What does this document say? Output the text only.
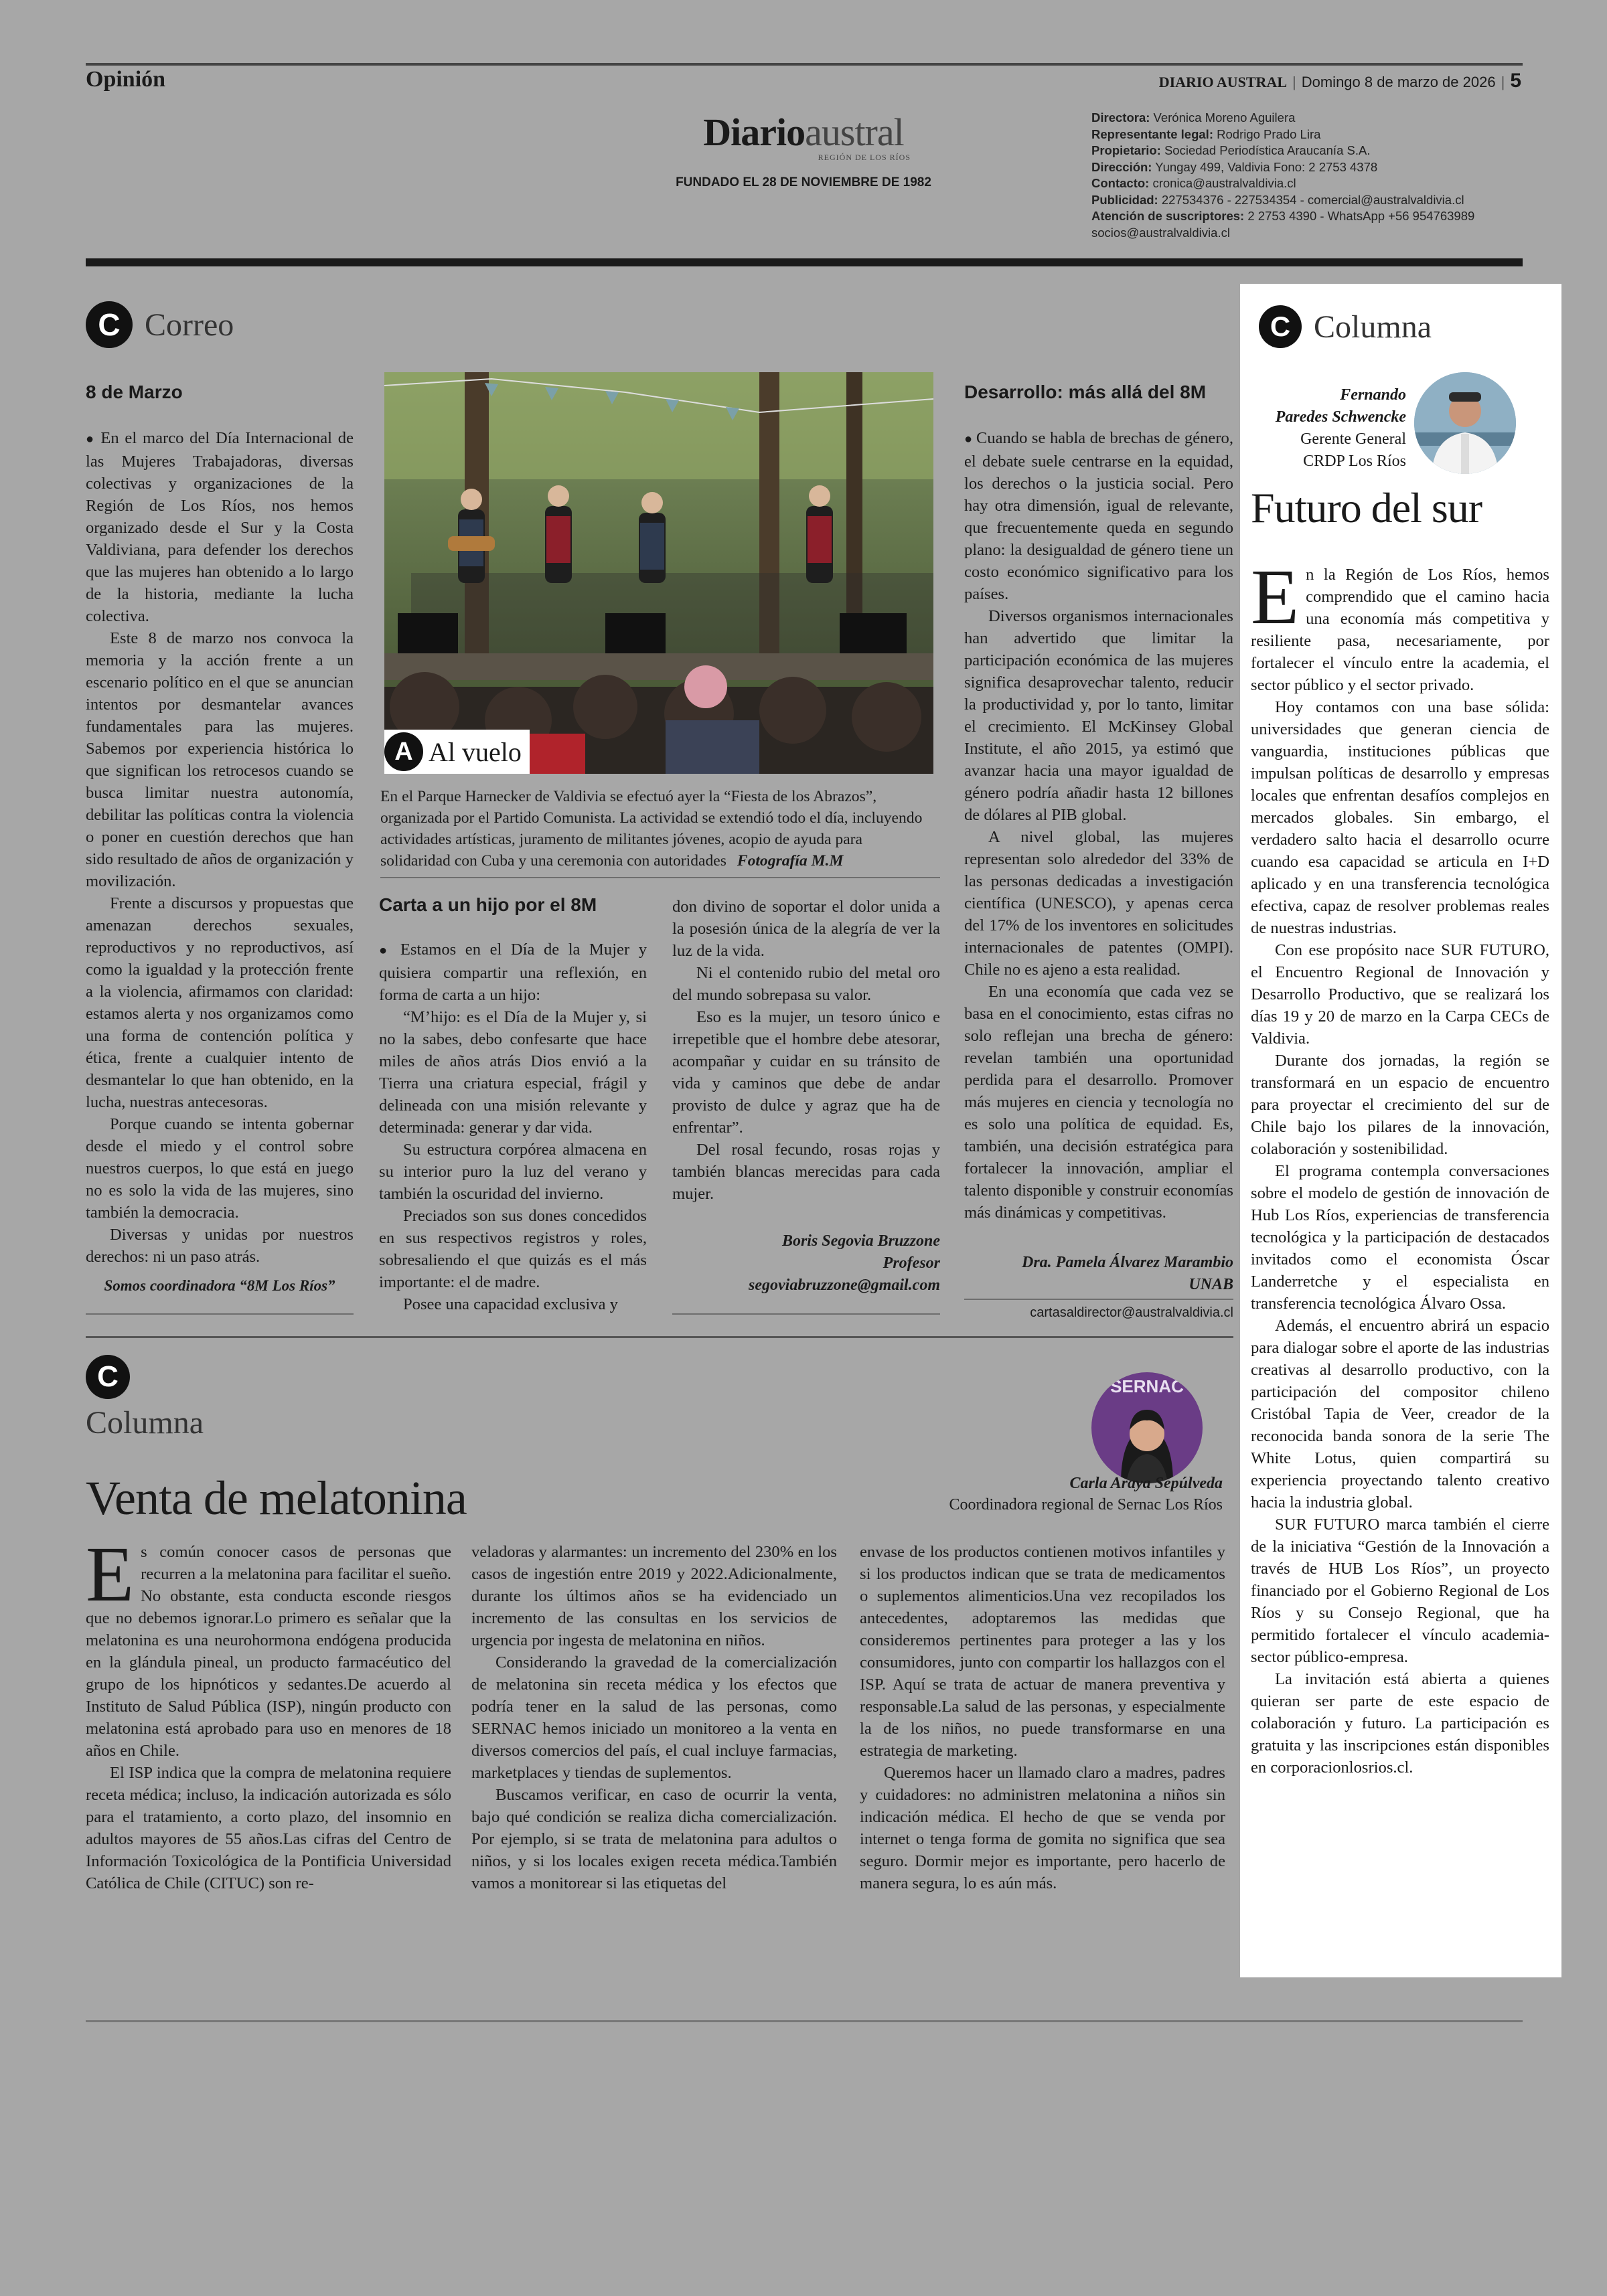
Opinión	DIARIO AUSTRAL | Domingo 8 de marzo de 2026 | 5
Diarioaustral
REGIÓN DE LOS RÍOS
FUNDADO EL 28 DE NOVIEMBRE DE 1982
Directora: Verónica Moreno Aguilera
Representante legal: Rodrigo Prado Lira
Propietario: Sociedad Periodística Araucanía S.A.
Dirección: Yungay 499, Valdivia Fono: 2 2753 4378
Contacto: cronica@australvaldivia.cl
Publicidad: 227534376 - 227534354 - comercial@australvaldivia.cl
Atención de suscriptores: 2 2753 4390 - WhatsApp +56 954763989
socios@australvaldivia.cl
C Correo
8 de Marzo

● En el marco del Día Internacional de las Mujeres Trabajadoras, diversas colectivas y organizaciones de la Región de Los Ríos, nos hemos organizado desde el Sur y la Costa Valdiviana, para defender los derechos que las mujeres han obtenido a lo largo de la historia, mediante la lucha colectiva.

Este 8 de marzo nos convoca la memoria y la acción frente a un escenario político en el que se anuncian intentos por desmantelar avances fundamentales para las mujeres. Sabemos por experiencia histórica lo que significan los retrocesos cuando se busca limitar nuestra autonomía, debilitar las políticas contra la violencia o poner en cuestión derechos que han sido resultado de años de organización y movilización.

Frente a discursos y propuestas que amenazan derechos sexuales, reproductivos y no reproductivos, así como la igualdad y la protección frente a la violencia, afirmamos con claridad: estamos alerta y nos organizamos como una forma de contención política y ética, frente a cualquier intento de desmantelar lo que han obtenido, en la lucha, nuestras antecesoras.

Porque cuando se intenta gobernar desde el miedo y el control sobre nuestros cuerpos, lo que está en juego no es solo la vida de las mujeres, sino también la democracia.

Diversas y unidas por nuestros derechos: ni un paso atrás.

Somos coordinadora “8M Los Ríos”
A Al vuelo
En el Parque Harnecker de Valdivia se efectuó ayer la “Fiesta de los Abrazos”, organizada por el Partido Comunista. La actividad se extendió todo el día, incluyendo actividades artísticas, juramento de militantes jóvenes, acopio de ayuda para solidaridad con Cuba y una ceremonia con autoridades Fotografía M.M
Carta a un hijo por el 8M

● Estamos en el Día de la Mujer y quisiera compartir una reflexión, en forma de carta a un hijo:

“M’hijo: es el Día de la Mujer y, si no la sabes, debo confesarte que hace miles de años atrás Dios envió a la Tierra una criatura especial, frágil y delineada con una misión relevante y determinada: generar y dar vida.

Su estructura corpórea almacena en su interior puro la luz del verano y también la oscuridad del invierno.

Preciados son sus dones concedidos en sus respectivos registros y roles, sobresaliendo el que quizás es el más importante: el de madre.

Posee una capacidad exclusiva y

don divino de soportar el dolor unida a la posesión única de la alegría de ver la luz de la vida.

Ni el contenido rubio del metal oro del mundo sobrepasa su valor.

Eso es la mujer, un tesoro único e irrepetible que el hombre debe atesorar, acompañar y cuidar en su tránsito de vida y caminos que debe de andar provisto de dulce y agraz que ha de enfrentar”.

Del rosal fecundo, rosas rojas y también blancas merecidas para cada mujer.

Boris Segovia Bruzzone
Profesor
segoviabruzzone@gmail.com
Desarrollo: más allá del 8M

● Cuando se habla de brechas de género, el debate suele centrarse en la equidad, los derechos o la justicia social. Pero hay otra dimensión, igual de relevante, que frecuentemente queda en segundo plano: la desigualdad de género tiene un costo económico significativo para los países.

Diversos organismos internacionales han advertido que limitar la participación económica de las mujeres significa desaprovechar talento, reducir la productividad y, por lo tanto, limitar el crecimiento. El McKinsey Global Institute, el año 2015, ya estimó que avanzar hacia una mayor igualdad de género podría añadir hasta 12 billones de dólares al PIB global.

A nivel global, las mujeres representan solo alrededor del 33% de las personas dedicadas a investigación científica (UNESCO), y apenas cerca del 17% de los inventores en solicitudes internacionales de patentes (OMPI). Chile no es ajeno a esta realidad.

En una economía que cada vez se basa en el conocimiento, estas cifras no solo reflejan una brecha de género: revelan también una oportunidad perdida para el desarrollo. Promover más mujeres en ciencia y tecnología no es solo una política de equidad. Es, también, una decisión estratégica para fortalecer la innovación, ampliar el talento disponible y construir economías más dinámicas y competitivas.

Dra. Pamela Álvarez Marambio
UNAB
cartasaldirector@australvaldivia.cl
C Columna
Fernando
Paredes Schwencke
Gerente General
CRDP Los Ríos
Futuro del sur

En la Región de Los Ríos, hemos comprendido que el camino hacia una economía más competitiva y resiliente pasa, necesariamente, por fortalecer el vínculo entre la academia, el sector público y el sector privado.

Hoy contamos con una base sólida: universidades que generan ciencia de vanguardia, instituciones públicas que impulsan políticas de desarrollo y empresas locales que enfrentan desafíos complejos en mercados globales. Sin embargo, el verdadero salto hacia el desarrollo ocurre cuando esa capacidad se articula en I+D aplicado y en una transferencia tecnológica efectiva, capaz de resolver problemas reales de nuestras industrias.

Con ese propósito nace SUR FUTURO, el Encuentro Regional de Innovación y Desarrollo Productivo, que se realizará los días 19 y 20 de marzo en la Carpa CECs de Valdivia.

Durante dos jornadas, la región se transformará en un espacio de encuentro para proyectar el crecimiento del sur de Chile bajo los pilares de la innovación, colaboración y sostenibilidad.

El programa contempla conversaciones sobre el modelo de gestión de innovación de Hub Los Ríos, experiencias de transferencia tecnológica y la participación de destacados invitados como el economista Óscar Landerretche y el especialista en transferencia tecnológica Álvaro Ossa.

Además, el encuentro abrirá un espacio para dialogar sobre el aporte de las industrias creativas al desarrollo productivo, con la participación del compositor chileno Cristóbal Tapia de Veer, creador de la reconocida banda sonora de la serie The White Lotus, quien compartirá su experiencia proyectando talento creativo hacia la industria global.

SUR FUTURO marca también el cierre de la iniciativa “Gestión de la Innovación a través de HUB Los Ríos”, un proyecto financiado por el Gobierno Regional de Los Ríos y su Consejo Regional, que ha permitido fortalecer el vínculo academia-sector público-empresa.

La invitación está abierta a quienes quieran ser parte de este espacio de colaboración y futuro. La participación es gratuita y las inscripciones están disponibles en corporacionlosrios.cl.

C
Columna
SERNAC
Carla Araya Sepúlveda
Coordinadora regional de Sernac Los Ríos
Venta de melatonina

Es común conocer casos de personas que recurren a la melatonina para facilitar el sueño. No obstante, esta conducta esconde riesgos que no debemos ignorar.Lo primero es señalar que la melatonina es una neurohormona endógena producida en la glándula pineal, un producto farmacéutico del grupo de los hipnóticos y sedantes.De acuerdo al Instituto de Salud Pública (ISP), ningún producto con melatonina está aprobado para uso en menores de 18 años en Chile.

El ISP indica que la compra de melatonina requiere receta médica; incluso, la indicación autorizada es sólo para el tratamiento, a corto plazo, del insomnio en adultos mayores de 55 años.Las cifras del Centro de Información Toxicológica de la Pontificia Universidad Católica de Chile (CITUC) son re-

veladoras y alarmantes: un incremento del 230% en los casos de ingestión entre 2019 y 2022.Adicionalmente, durante los últimos años se ha evidenciado un incremento de las consultas en los servicios de urgencia por ingesta de melatonina en niños.

Considerando la gravedad de la comercialización de melatonina sin receta médica y los efectos que podría tener en la salud de las personas, como SERNAC hemos iniciado un monitoreo a la venta en diversos comercios del país, el cual incluye farmacias, marketplaces y tiendas de suplementos.

Buscamos verificar, en caso de ocurrir la venta, bajo qué condición se realiza dicha comercialización. Por ejemplo, si se trata de melatonina para adultos o niños, y si los locales exigen receta médica.También vamos a monitorear si las etiquetas del

envase de los productos contienen motivos infantiles y si los productos indican que se trata de medicamentos o suplementos alimenticios.Una vez recopilados los antecedentes, adoptaremos las medidas que consideremos pertinentes para proteger a las y los consumidores, junto con compartir los hallazgos con el ISP. Aquí se trata de actuar de manera preventiva y responsable.La salud de las personas, y especialmente la de los niños, no puede transformarse en una estrategia de marketing.

Queremos hacer un llamado claro a madres, padres y cuidadores: no administren melatonina a niños sin indicación médica. El hecho de que se venda por internet o tenga forma de gomita no significa que sea seguro. Dormir mejor es importante, pero hacerlo de manera segura, lo es aún más.
